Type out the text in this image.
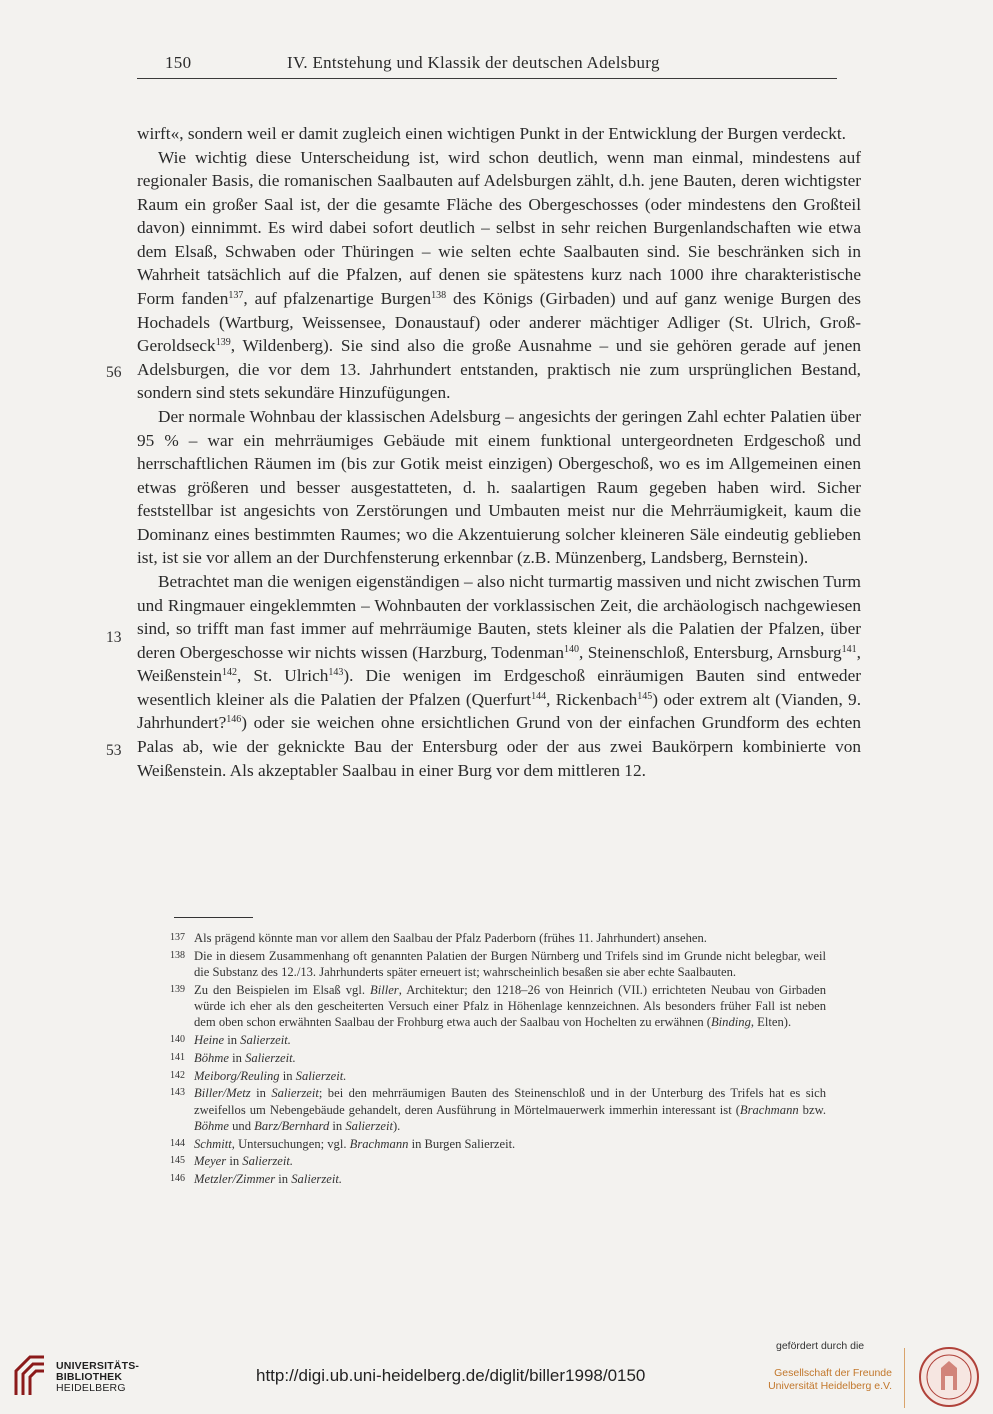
150	IV. Entstehung und Klassik der deutschen Adelsburg
56
13
53

wirft«, sondern weil er damit zugleich einen wichtigen Punkt in der Entwicklung der Burgen verdeckt.

Wie wichtig diese Unterscheidung ist, wird schon deutlich, wenn man einmal, mindestens auf regionaler Basis, die romanischen Saalbauten auf Adelsburgen zählt, d.h. jene Bauten, deren wichtigster Raum ein großer Saal ist, der die gesamte Fläche des Obergeschosses (oder mindestens den Großteil davon) einnimmt. Es wird dabei sofort deutlich – selbst in sehr reichen Burgenlandschaften wie etwa dem Elsaß, Schwaben oder Thüringen – wie selten echte Saalbauten sind. Sie beschränken sich in Wahrheit tatsächlich auf die Pfalzen, auf denen sie spätestens kurz nach 1000 ihre charakteristische Form fanden$^{137}$, auf pfalzenartige Burgen$^{138}$ des Königs (Girbaden) und auf ganz wenige Burgen des Hochadels (Wartburg, Weissensee, Donaustauf) oder anderer mächtiger Adliger (St. Ulrich, Groß-Geroldseck$^{139}$, Wildenberg). Sie sind also die große Ausnahme – und sie gehören gerade auf jenen Adelsburgen, die vor dem 13. Jahrhundert entstanden, praktisch nie zum ursprünglichen Bestand, sondern sind stets sekundäre Hinzufügungen.

Der normale Wohnbau der klassischen Adelsburg – angesichts der geringen Zahl echter Palatien über 95 % – war ein mehrräumiges Gebäude mit einem funktional untergeordneten Erdgeschoß und herrschaftlichen Räumen im (bis zur Gotik meist einzigen) Obergeschoß, wo es im Allgemeinen einen etwas größeren und besser ausgestatteten, d. h. saalartigen Raum gegeben haben wird. Sicher feststellbar ist angesichts von Zerstörungen und Umbauten meist nur die Mehrräumigkeit, kaum die Dominanz eines bestimmten Raumes; wo die Akzentuierung solcher kleineren Säle eindeutig geblieben ist, ist sie vor allem an der Durchfensterung erkennbar (z.B. Münzenberg, Landsberg, Bernstein).

Betrachtet man die wenigen eigenständigen – also nicht turmartig massiven und nicht zwischen Turm und Ringmauer eingeklemmten – Wohnbauten der vorklassischen Zeit, die archäologisch nachgewiesen sind, so trifft man fast immer auf mehrräumige Bauten, stets kleiner als die Palatien der Pfalzen, über deren Obergeschosse wir nichts wissen (Harzburg, Todenman$^{140}$, Steinenschloß, Entersburg, Arnsburg$^{141}$, Weißenstein$^{142}$, St. Ulrich$^{143}$). Die wenigen im Erdgeschoß einräumigen Bauten sind entweder wesentlich kleiner als die Palatien der Pfalzen (Querfurt$^{144}$, Rickenbach$^{145}$) oder extrem alt (Vianden, 9. Jahrhundert?$^{146}$) oder sie weichen ohne ersichtlichen Grund von der einfachen Grundform des echten Palas ab, wie der geknickte Bau der Entersburg oder der aus zwei Baukörpern kombinierte von Weißenstein. Als akzeptabler Saalbau in einer Burg vor dem mittleren 12.

137 Als prägend könnte man vor allem den Saalbau der Pfalz Paderborn (frühes 11. Jahrhundert) ansehen.

138 Die in diesem Zusammenhang oft genannten Palatien der Burgen Nürnberg und Trifels sind im Grunde nicht belegbar, weil die Substanz des 12./13. Jahrhunderts später erneuert ist; wahrscheinlich besaßen sie aber echte Saalbauten.

139 Zu den Beispielen im Elsaß vgl. Biller, Architektur; den 1218–26 von Heinrich (VII.) errichteten Neubau von Girbaden würde ich eher als den gescheiterten Versuch einer Pfalz in Höhenlage kennzeichnen. Als besonders früher Fall ist neben dem oben schon erwähnten Saalbau der Frohburg etwa auch der Saalbau von Hochelten zu erwähnen (Binding, Elten).

140 Heine in Salierzeit.

141 Böhme in Salierzeit.

142 Meiborg/Reuling in Salierzeit.

143 Biller/Metz in Salierzeit; bei den mehrräumigen Bauten des Steinenschloß und in der Unterburg des Trifels hat es sich zweifellos um Nebengebäude gehandelt, deren Ausführung in Mörtelmauerwerk immerhin interessant ist (Brachmann bzw. Böhme und Barz/Bernhard in Salierzeit).

144 Schmitt, Untersuchungen; vgl. Brachmann in Burgen Salierzeit.

145 Meyer in Salierzeit.

146 Metzler/Zimmer in Salierzeit.

UNIVERSITÄTS-
BIBLIOTHEK
HEIDELBERG
http://digi.ub.uni-heidelberg.de/diglit/biller1998/0150
gefördert durch die
Gesellschaft der Freunde
Universität Heidelberg e.V.
